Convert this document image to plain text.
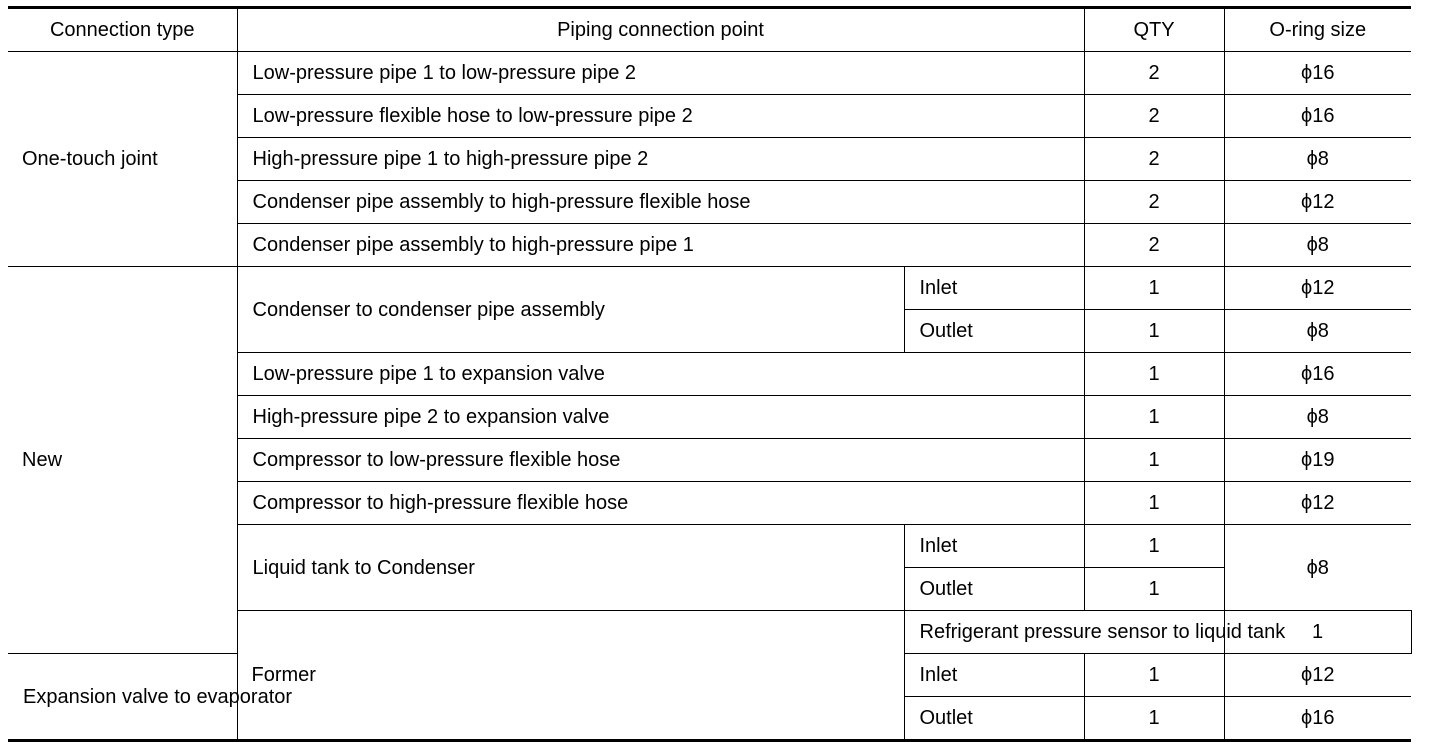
Connection type	Piping connection point		QTY	O-ring size	
One-touch joint	Low-pressure pipe 1 to low-pressure pipe 2		2	ϕ16	
	Low-pressure flexible hose to low-pressure pipe 2		2	ϕ16	
	High-pressure pipe 1 to high-pressure pipe 2		2	ϕ8	
	Condenser pipe assembly to high-pressure flexible hose		2	ϕ12	
	Condenser pipe assembly to high-pressure pipe 1		2	ϕ8	
New	Condenser to condenser pipe assembly	Inlet	1	ϕ12	
		Outlet	1	ϕ8	
	Low-pressure pipe 1 to expansion valve		1	ϕ16	
	High-pressure pipe 2 to expansion valve		1	ϕ8	
	Compressor to low-pressure flexible hose		1	ϕ19	
	Compressor to high-pressure flexible hose		1	ϕ12	
	Liquid tank to Condenser	Inlet	1	ϕ8	
		Outlet	1		
	Former	Refrigerant pressure sensor to liquid tank		1	
Expansion valve to evaporator		Inlet	1	ϕ12	
		Outlet	1	ϕ16	
